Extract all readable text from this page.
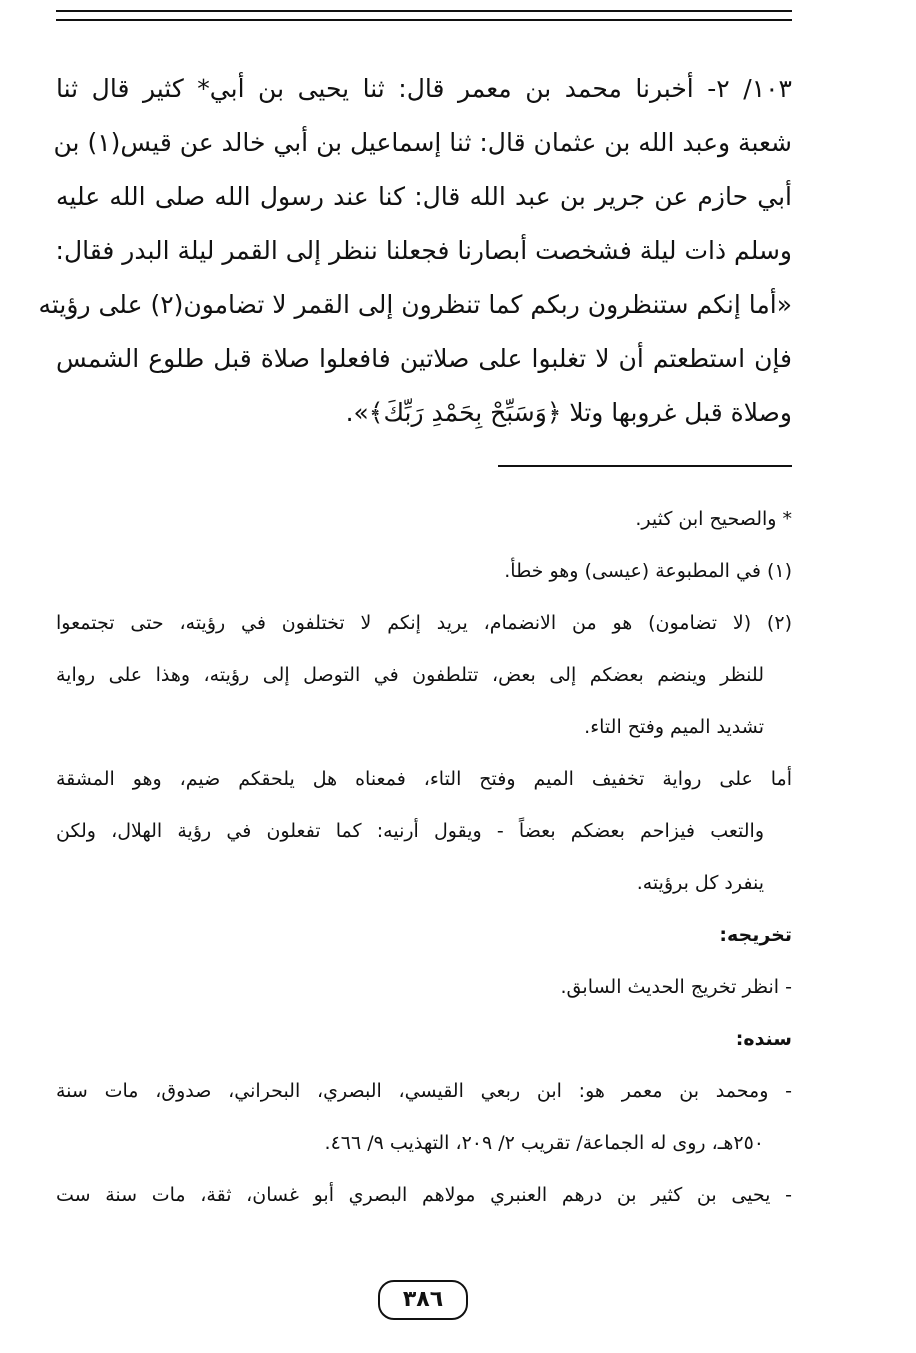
١٠٣/ ٢- أخبرنا محمد بن معمر قال: ثنا يحيى بن أبي* كثير قال ثنا
شعبة وعبد الله بن عثمان قال: ثنا إسماعيل بن أبي خالد عن قيس(١) بن
أبي حازم عن جرير بن عبد الله قال: كنا عند رسول الله صلى الله عليه
وسلم ذات ليلة فشخصت أبصارنا فجعلنا ننظر إلى القمر ليلة البدر فقال:
«أما إنكم ستنظرون ربكم كما تنظرون إلى القمر لا تضامون(٢) على رؤيته
فإن استطعتم أن لا تغلبوا على صلاتين فافعلوا صلاة قبل طلوع الشمس
وصلاة قبل غروبها وتلا ﴿وَسَبِّحْ بِحَمْدِ رَبِّكَ﴾».
* والصحيح ابن كثير.
(١) في المطبوعة (عيسى) وهو خطأ.
(٢) (لا تضامون) هو من الانضمام، يريد إنكم لا تختلفون في رؤيته، حتى تجتمعوا
للنظر وينضم بعضكم إلى بعض، تتلطفون في التوصل إلى رؤيته، وهذا على رواية
تشديد الميم وفتح التاء.
أما على رواية تخفيف الميم وفتح التاء، فمعناه هل يلحقكم ضيم، وهو المشقة
والتعب فيزاحم بعضكم بعضاً - ويقول أرنيه: كما تفعلون في رؤية الهلال، ولكن
ينفرد كل برؤيته.
تخريجه:
- انظر تخريج الحديث السابق.
سنده:
- ومحمد بن معمر هو: ابن ربعي القيسي، البصري، البحراني، صدوق، مات سنة
٢٥٠هـ، روى له الجماعة/ تقريب ٢/ ٢٠٩، التهذيب ٩/ ٤٦٦.
- يحيى بن كثير بن درهم العنبري مولاهم البصري أبو غسان، ثقة، مات سنة ست
٣٨٦
